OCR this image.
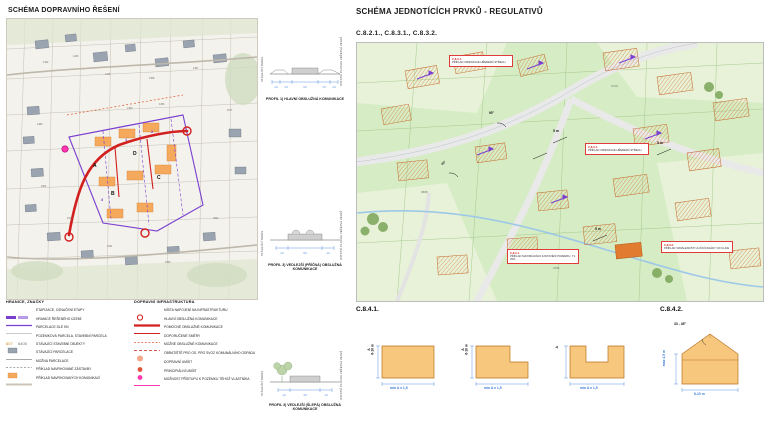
SCHÉMA DOPRAVNÍHO ŘEŠENÍ	SCHÉMA JEDNOTÍCÍCH PRVKŮ - REGULATIVŮ
C.8.2.1., C.8.3.1., C.8.3.2.
1432
1433
1445
1458
1467
1489
1502
1518
1531
1545
1562
1577
1450
1456
D
C
B
A
1
2
3
STÁVAJÍCÍ TERÉN	OSTATNÍ PLOCHA VEŘEJNÁ ZELEŇ
1,0	1,5	6,0	1,5	1,0
PROFIL 1) HLAVNÍ OBSLUŽNÁ KOMUNIKACE
STÁVAJÍCÍ TERÉN	OSTATNÍ PLOCHA VEŘEJNÁ ZELEŇ
1,0	5,5	1,0
PROFIL 3) VEDLEJŠÍ (PŘÍČNÁ) OBSLUŽNÁ KOMUNIKACE
STÁVAJÍCÍ TERÉN	OSTATNÍ PLOCHA VEŘEJNÁ ZELEŇ
1,0	4,5	1,0
PROFIL 3) VEDLEJŠÍ (ŠLEPÁ) OBSLUŽNÁ KOMUNIKACE
HRANICE, ZNAČKY
ETAPIZACE, OZNAČENÍ ETAPY
HRANICE ŘEŠENÉHO ÚZEMÍ
PARCELACE DLE KN
607 6405
POZEMKOVÁ PARCELA, STAVEBNÍ PARCELA
STÁVAJÍCÍ STAVEBNÍ OBJEKTY
STÁVAJÍCÍ PARCELACE
MOŽNÁ PARCELACE
PŘÍKLAD NAVRHOVANÉ ZÁSTAVBY
PŘÍKLAD NAVRHOVANÝCH KOMUNIKACÍ
DOPRAVNÍ INFRASTRUKTURA
MÍSTA NAPOJENÍ NA INFRASTRUKTURU
HLAVNÍ OBSLUŽNÁ KOMUNIKACE
POMOCNÉ OBSLUŽNÉ KOMUNIKACE
DOPORUČENÉ SMĚRY
MOŽNÉ OBSLUŽNÉ KOMUNIKACE
OBRATIŠTĚ PRO OS. PRO SVOZ KOMUNÁLNÍHO ODPADU
DOPRAVNÍ UMÍST
PRINCIPIÁLNÍ UMÍST
MOŽNOST PŘÍSTUPU K POZEMKU TÉHOŽ VLASTNÍKA
3701
3710
3695
C.8.3.1.
PŘÍKLAD ORIENTACE HŘEBENŮ STŘECH
C.8.3.1.
PŘÍKLAD ORIENTACE HŘEBENŮ STŘECH
C.8.3.2.
PŘÍKLAD VZDÁLENOSTI ULIČNÍ FASÁDY OD ULICE
C.8.2.1.
PŘÍKLAD MAXIMÁLNÍHO ZASTAVĚNÍ POZEMKU, T.J. 25%
5 m
5 m
5 m
90°
45°
C.8.4.1.	C.8.4.2.
A
6-10 m
min A x 1,5
A
6-10 m
min A x 1,5
A
min A x 1,5
33 - 45°
max 4,5 m
6-10 m
